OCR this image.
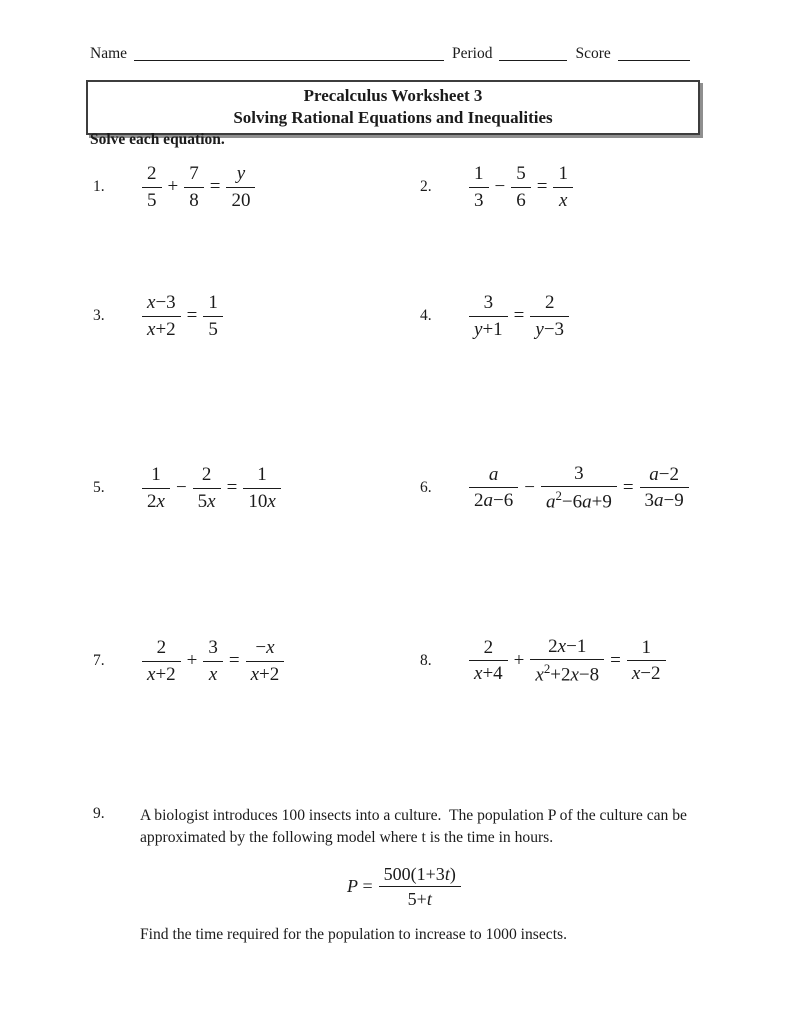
Name	Period	Score
Precalculus Worksheet 3
Solving Rational Equations and Inequalities
Solve each equation.
1.	$\frac{2}{5} + \frac{7}{8} = \frac{y}{20}$	2.	$\frac{1}{3} - \frac{5}{6} = \frac{1}{x}$
3.	$\frac{x-3}{x+2} = \frac{1}{5}$	4.	$\frac{3}{y+1} = \frac{2}{y-3}$
5.	$\frac{1}{2x} - \frac{2}{5x} = \frac{1}{10x}$	6.	$\frac{a}{2a-6} - \frac{3}{a^2-6a+9} = \frac{a-2}{3a-9}$
7.	$\frac{2}{x+2} + \frac{3}{x} = \frac{-x}{x+2}$	8.	$\frac{2}{x+4} + \frac{2x-1}{x^2+2x-8} = \frac{1}{x-2}$
9.	A biologist introduces 100 insects into a culture.  The population P of the culture can be approximated by the following model where t is the time in hours.
$P = \frac{500(1+3t)}{5+t}$
Find the time required for the population to increase to 1000 insects.
